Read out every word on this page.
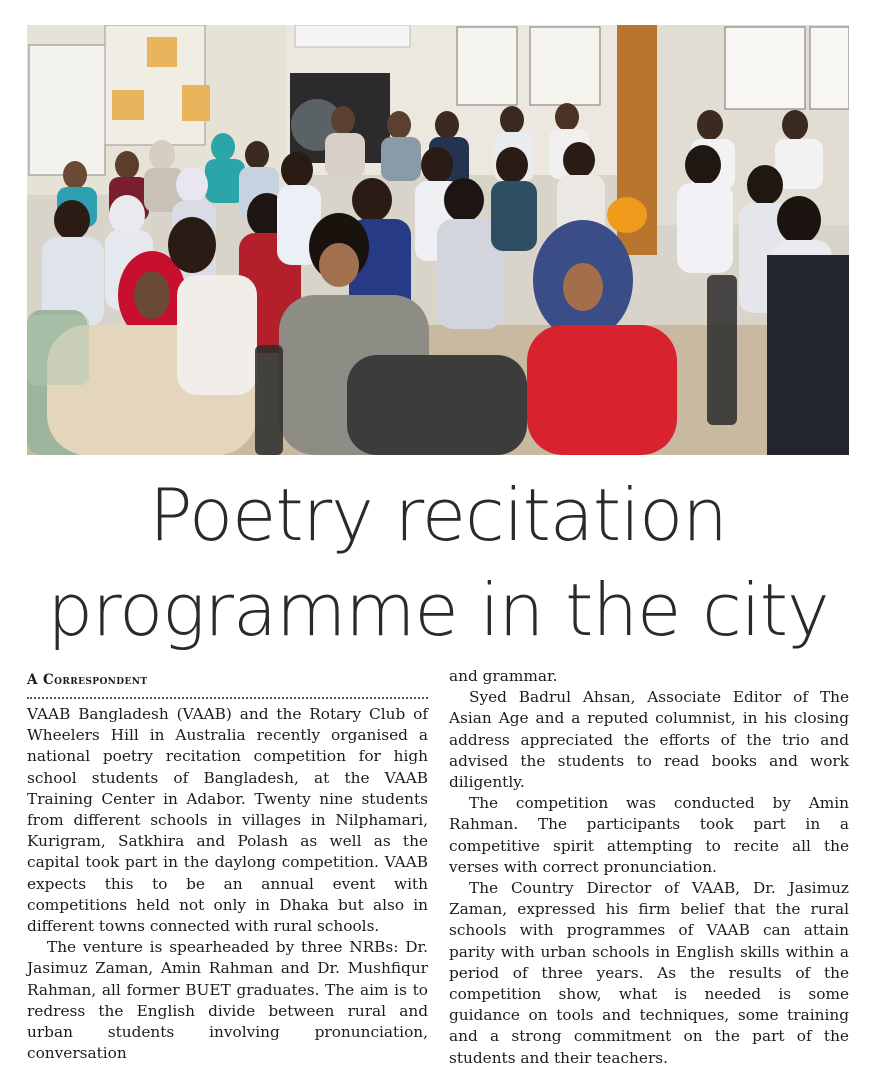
Poetry recitation
programme in the city
A Correspondent

VAAB Bangladesh (VAAB) and the Rotary Club of Wheelers Hill in Australia recently organised a national poetry recitation competition for high school students of Bangladesh, at the VAAB Training Center in Adabor. Twenty nine students from different schools in villages in Nilphamari, Kurigram, Satkhira and Polash as well as the capital took part in the daylong competition. VAAB expects this to be an annual event with competitions held not only in Dhaka but also in different towns connected with rural schools.

The venture is spearheaded by three NRBs: Dr. Jasimuz Zaman, Amin Rahman and Dr. Mushfiqur Rahman, all former BUET graduates. The aim is to redress the English divide between rural and urban students involving pronunciation, conversation

and grammar.

Syed Badrul Ahsan, Associate Editor of The Asian Age and a reputed columnist, in his closing address appreciated the efforts of the trio and advised the students to read books and work diligently.

The competition was conducted by Amin Rahman. The participants took part in a competitive spirit attempting to recite all the verses with correct pronunciation.

The Country Director of VAAB, Dr. Jasimuz Zaman, expressed his firm belief that the rural schools with programmes of VAAB can attain parity with urban schools in English skills within a period of three years. As the results of the competition show, what is needed is some guidance on tools and techniques, some training and a strong commitment on the part of the students and their teachers.
